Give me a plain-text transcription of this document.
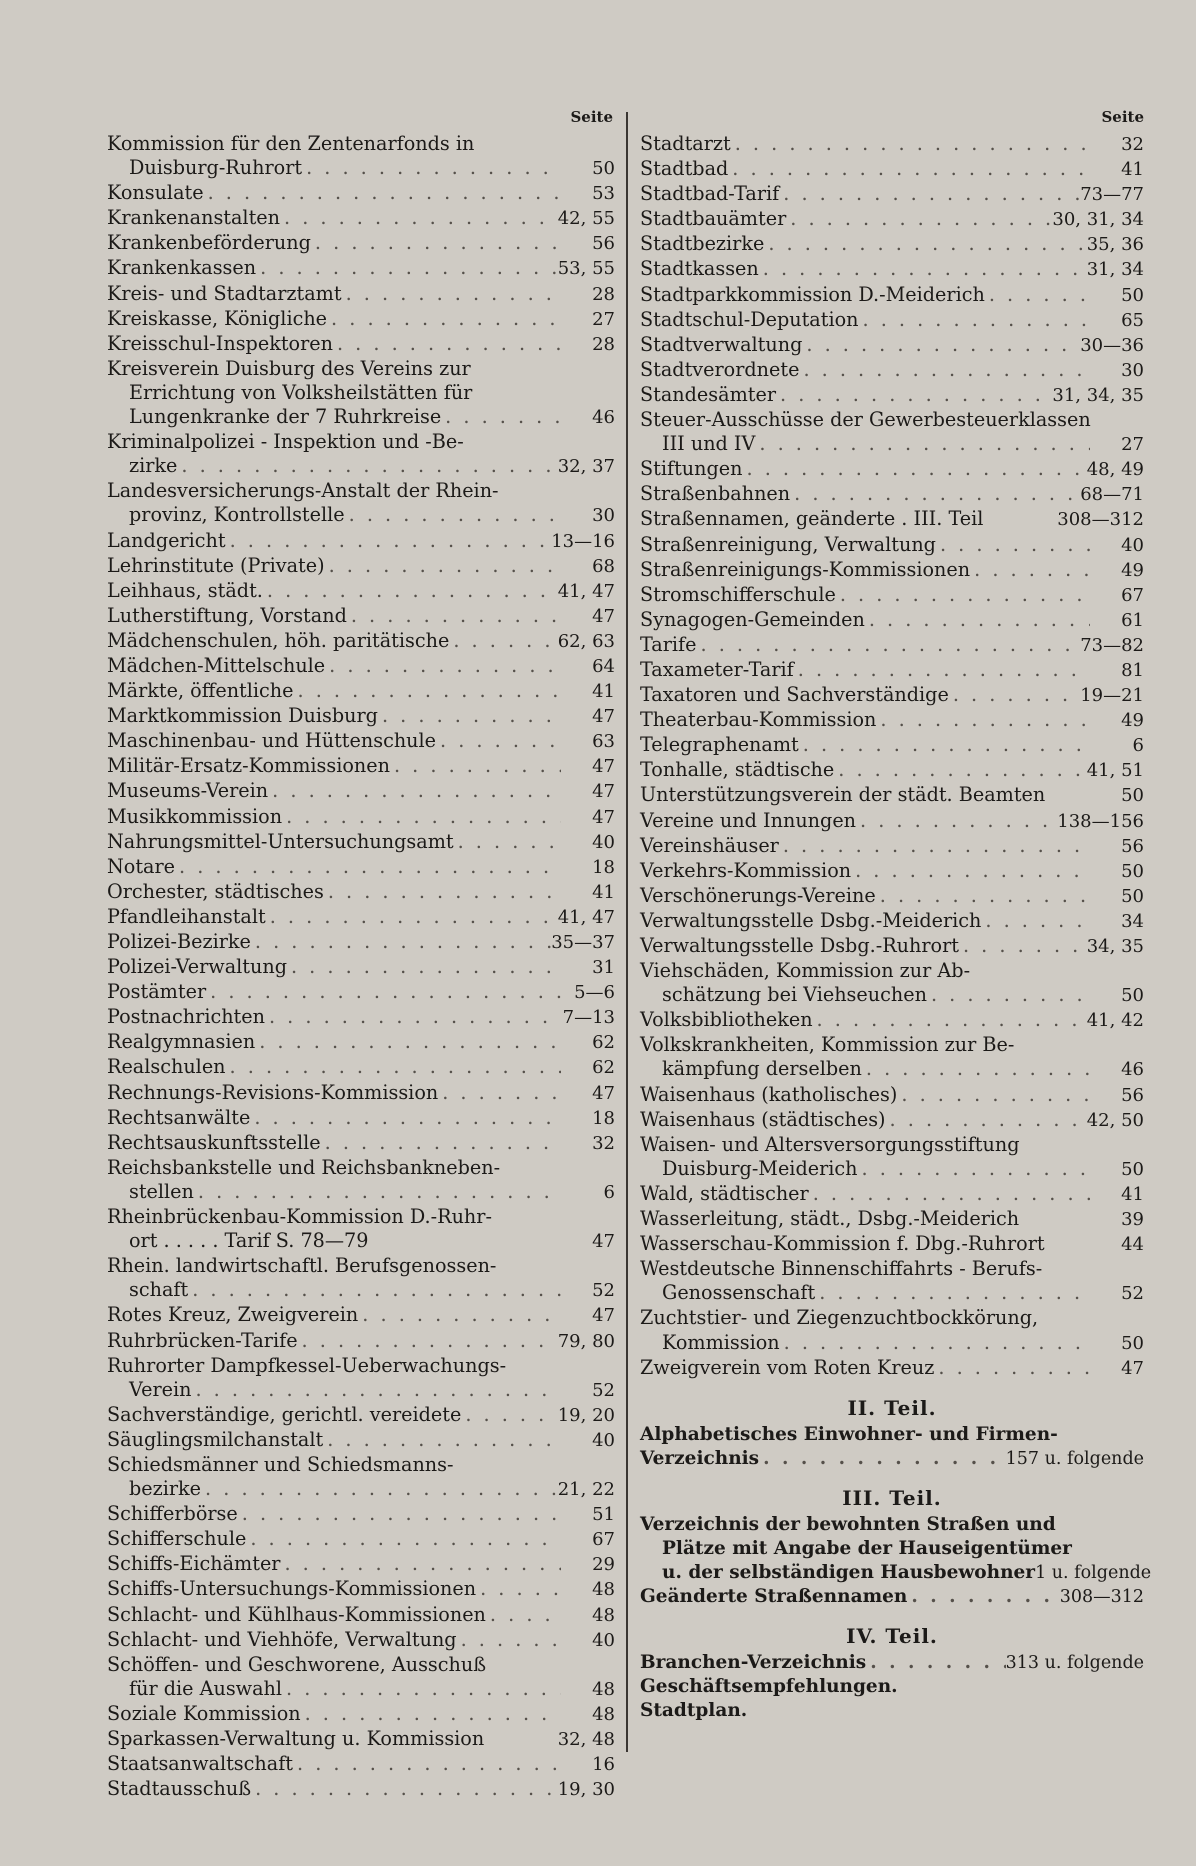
Seite
Kommission für den Zentenarfonds in
Duisburg-Ruhrort . . .	50
Konsulate . . .	53
Krankenanstalten . . .	42, 55
Krankenbeförderung . . .	56
Krankenkassen . . .	53, 55
Kreis- und Stadtarztamt . . .	28
Kreiskasse, Königliche . . .	27
Kreisschul-Inspektoren . . .	28
Kreisverein Duisburg des Vereins zur
Errichtung von Volksheilstätten für
Lungenkranke der 7 Ruhrkreise . . .	46
Kriminalpolizei - Inspektion und -Be-
zirke . . .	32, 37
Landesversicherungs-Anstalt der Rhein-
provinz, Kontrollstelle . . .	30
Landgericht . . .	13—16
Lehrinstitute (Private) . . .	68
Leihhaus, städt. . . .	41, 47
Lutherstiftung, Vorstand . . .	47
Mädchenschulen, höh. paritätische . . .	62, 63
Mädchen-Mittelschule . . .	64
Märkte, öffentliche . . .	41
Marktkommission Duisburg . . .	47
Maschinenbau- und Hüttenschule . . .	63
Militär-Ersatz-Kommissionen . . .	47
Museums-Verein . . .	47
Musikkommission . . .	47
Nahrungsmittel-Untersuchungsamt . . .	40
Notare . . .	18
Orchester, städtisches . . .	41
Pfandleihanstalt . . .	41, 47
Polizei-Bezirke . . .	35—37
Polizei-Verwaltung . . .	31
Postämter . . .	5—6
Postnachrichten . . .	7—13
Realgymnasien . . .	62
Realschulen . . .	62
Rechnungs-Revisions-Kommission . . .	47
Rechtsanwälte . . .	18
Rechtsauskunftsstelle . . .	32
Reichsbankstelle und Reichsbankneben-
stellen . . .	6
Rheinbrückenbau-Kommission D.-Ruhr-
ort . . . . . Tarif S. 78—79	47
Rhein. landwirtschaftl. Berufsgenossen-
schaft . . .	52
Rotes Kreuz, Zweigverein . . .	47
Ruhrbrücken-Tarife . . .	79, 80
Ruhrorter Dampfkessel-Ueberwachungs-
Verein . . .	52
Sachverständige, gerichtl. vereidete . . .	19, 20
Säuglingsmilchanstalt . . .	40
Schiedsmänner und Schiedsmanns-
bezirke . . .	21, 22
Schifferbörse . . .	51
Schifferschule . . .	67
Schiffs-Eichämter . . .	29
Schiffs-Untersuchungs-Kommissionen . . .	48
Schlacht- und Kühlhaus-Kommissionen . . .	48
Schlacht- und Viehhöfe, Verwaltung . . .	40
Schöffen- und Geschworene, Ausschuß
für die Auswahl . . .	48
Soziale Kommission . . .	48
Sparkassen-Verwaltung u. Kommission	32, 48
Staatsanwaltschaft . . .	16
Stadtausschuß . . .	19, 30
Seite
Stadtarzt . . .	32
Stadtbad . . .	41
Stadtbad-Tarif . . .	73—77
Stadtbauämter . . .	30, 31, 34
Stadtbezirke . . .	35, 36
Stadtkassen . . .	31, 34
Stadtparkkommission D.-Meiderich . . .	50
Stadtschul-Deputation . . .	65
Stadtverwaltung . . .	30—36
Stadtverordnete . . .	30
Standesämter . . .	31, 34, 35
Steuer-Ausschüsse der Gewerbesteuerklassen
III und IV . . .	27
Stiftungen . . .	48, 49
Straßenbahnen . . .	68—71
Straßennamen, geänderte . III. Teil	308—312
Straßenreinigung, Verwaltung . . .	40
Straßenreinigungs-Kommissionen . . .	49
Stromschifferschule . . .	67
Synagogen-Gemeinden . . .	61
Tarife . . .	73—82
Taxameter-Tarif . . .	81
Taxatoren und Sachverständige . . .	19—21
Theaterbau-Kommission . . .	49
Telegraphenamt . . .	6
Tonhalle, städtische . . .	41, 51
Unterstützungsverein der städt. Beamten	50
Vereine und Innungen . . .	138—156
Vereinshäuser . . .	56
Verkehrs-Kommission . . .	50
Verschönerungs-Vereine . . .	50
Verwaltungsstelle Dsbg.-Meiderich . . .	34
Verwaltungsstelle Dsbg.-Ruhrort . . .	34, 35
Viehschäden, Kommission zur Ab-
schätzung bei Viehseuchen . . .	50
Volksbibliotheken . . .	41, 42
Volkskrankheiten, Kommission zur Be-
kämpfung derselben . . .	46
Waisenhaus (katholisches) . . .	56
Waisenhaus (städtisches) . . .	42, 50
Waisen- und Altersversorgungsstiftung
Duisburg-Meiderich . . .	50
Wald, städtischer . . .	41
Wasserleitung, städt., Dsbg.-Meiderich	39
Wasserschau-Kommission f. Dbg.-Ruhrort	44
Westdeutsche Binnenschiffahrts - Berufs-
Genossenschaft . . .	52
Zuchtstier- und Ziegenzuchtbockkörung,
Kommission . . .	50
Zweigverein vom Roten Kreuz . . .	47
II. Teil.
Alphabetisches Einwohner- und Firmen-
Verzeichnis . . .	157 u. folgende
III. Teil.
Verzeichnis der bewohnten Straßen und
Plätze mit Angabe der Hauseigentümer
u. der selbständigen Hausbewohner 1 u. folgende
Geänderte Straßennamen . . .	308—312
IV. Teil.
Branchen-Verzeichnis . . .	313 u. folgende
Geschäftsempfehlungen.
Stadtplan.
